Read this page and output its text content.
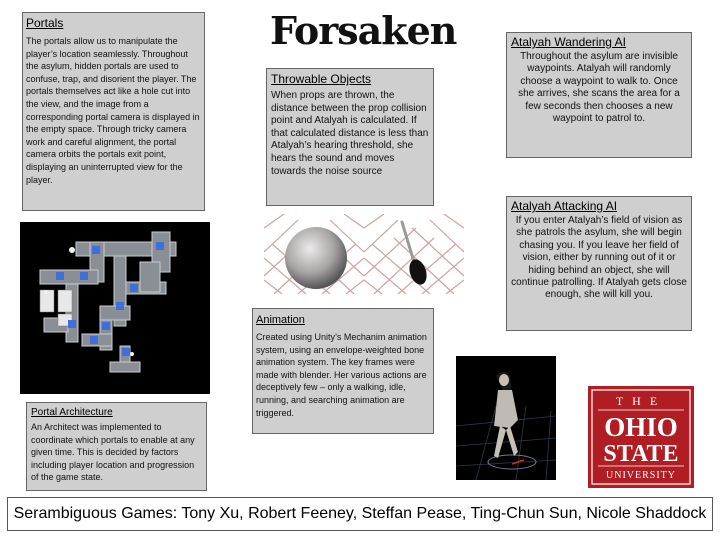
Portals
The portals allow us to manipulate the player’s location seamlessly. Throughout the asylum, hidden portals are used to confuse, trap, and disorient the player. The portals themselves act like a hole cut into the view, and the image from a corresponding portal camera is displayed in the empty space. Through tricky camera work and careful alignment, the portal camera orbits the portals exit point, displaying an uninterrupted view for the player.
Portal Architecture
An Architect was implemented to coordinate which portals to enable at any given time. This is decided by factors including player location and progression of the game state.
Forsaken
Throwable Objects
When props are thrown, the distance between the prop collision point and Atalyah is calculated. If that calculated distance is less than Atalyah’s hearing threshold, she hears the sound and moves towards the noise source
Animation
Created using Unity’s Mechanim animation system, using an envelope-weighted bone animation system. The key frames were made with blender. Her various actions are deceptively few – only a walking, idle, running, and searching animation are triggered.
Atalyah Wandering AI
Throughout the asylum are invisible waypoints. Atalyah will randomly choose a waypoint to walk to. Once she arrives, she scans the area for a few seconds then chooses a new waypoint to patrol to.
Atalyah Attacking AI
If you enter Atalyah’s field of vision as she patrols the asylum, she will begin chasing you. If you leave her field of vision, either by running out of it or hiding behind an object, she will continue patrolling. If Atalyah gets close enough, she will kill you.
THE
OHIO
STATE
UNIVERSITY
Serambiguous Games: Tony Xu, Robert Feeney, Steffan Pease, Ting-Chun Sun, Nicole Shaddock
